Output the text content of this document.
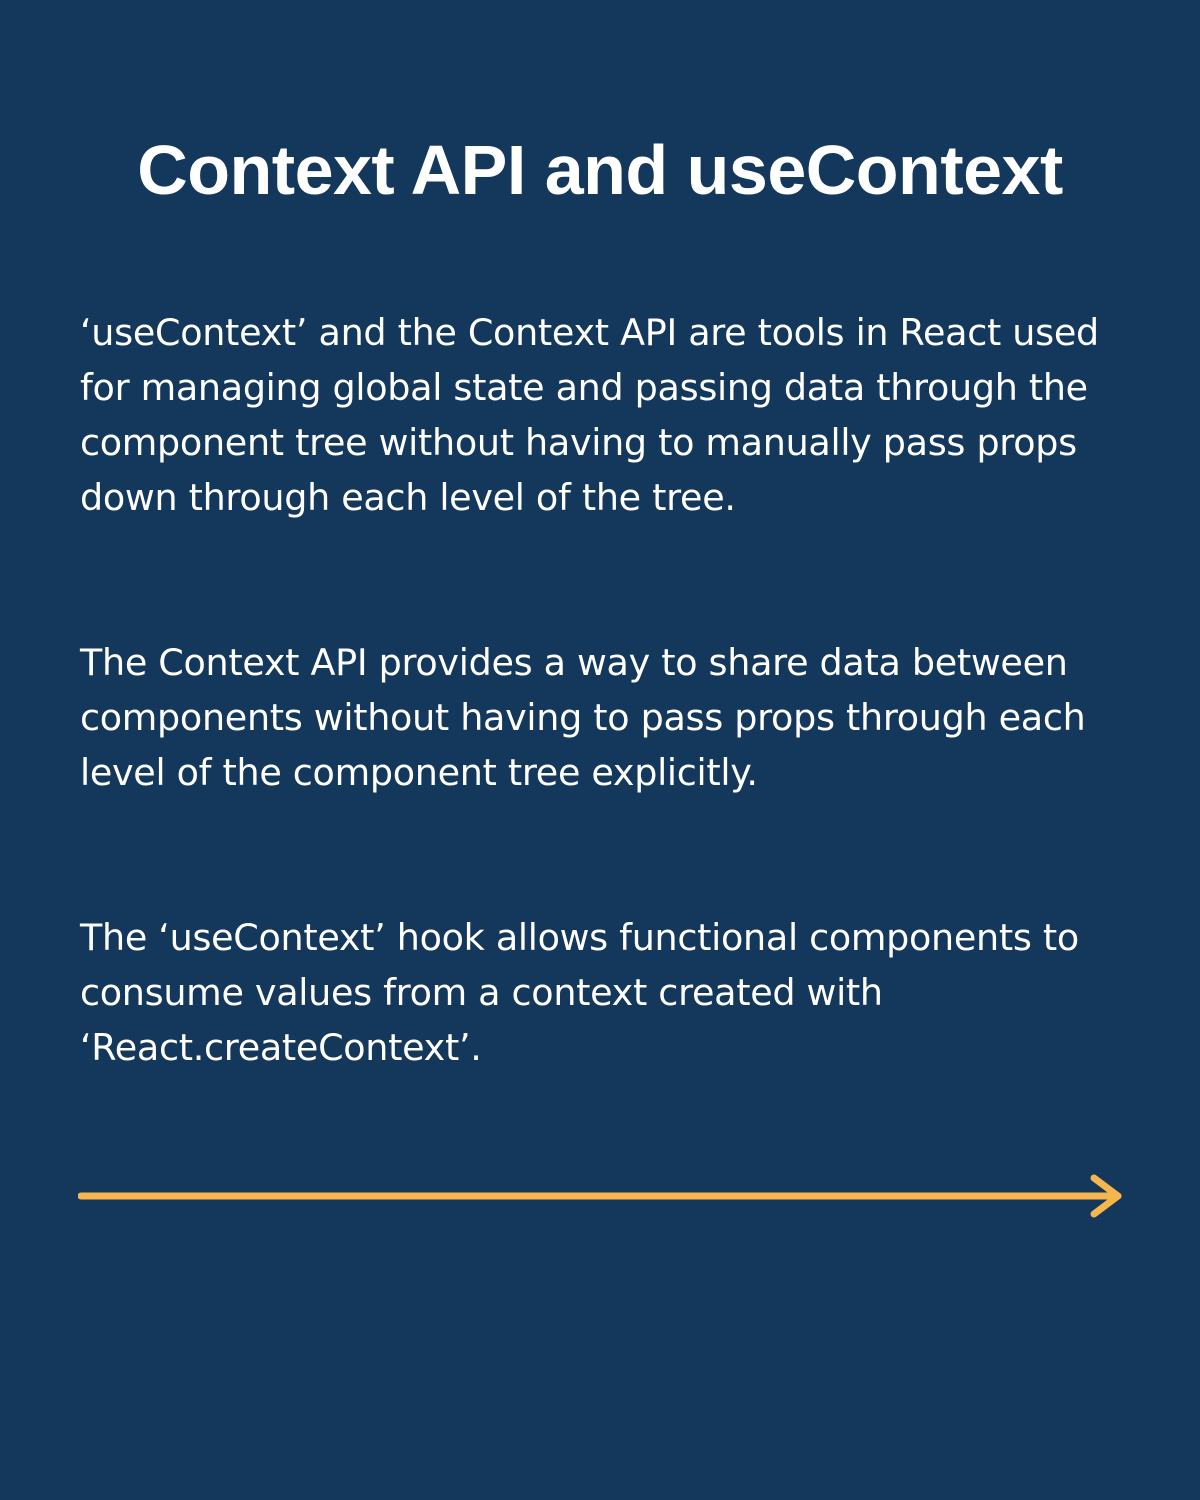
Context API and useContext

‘useContext’ and the Context API are tools in React used for managing global state and passing data through the component tree without having to manually pass props down through each level of the tree.

The Context API provides a way to share data between components without having to pass props through each level of the component tree explicitly.

The ‘useContext’ hook allows functional components to consume values from a context created with ‘React.createContext’.
